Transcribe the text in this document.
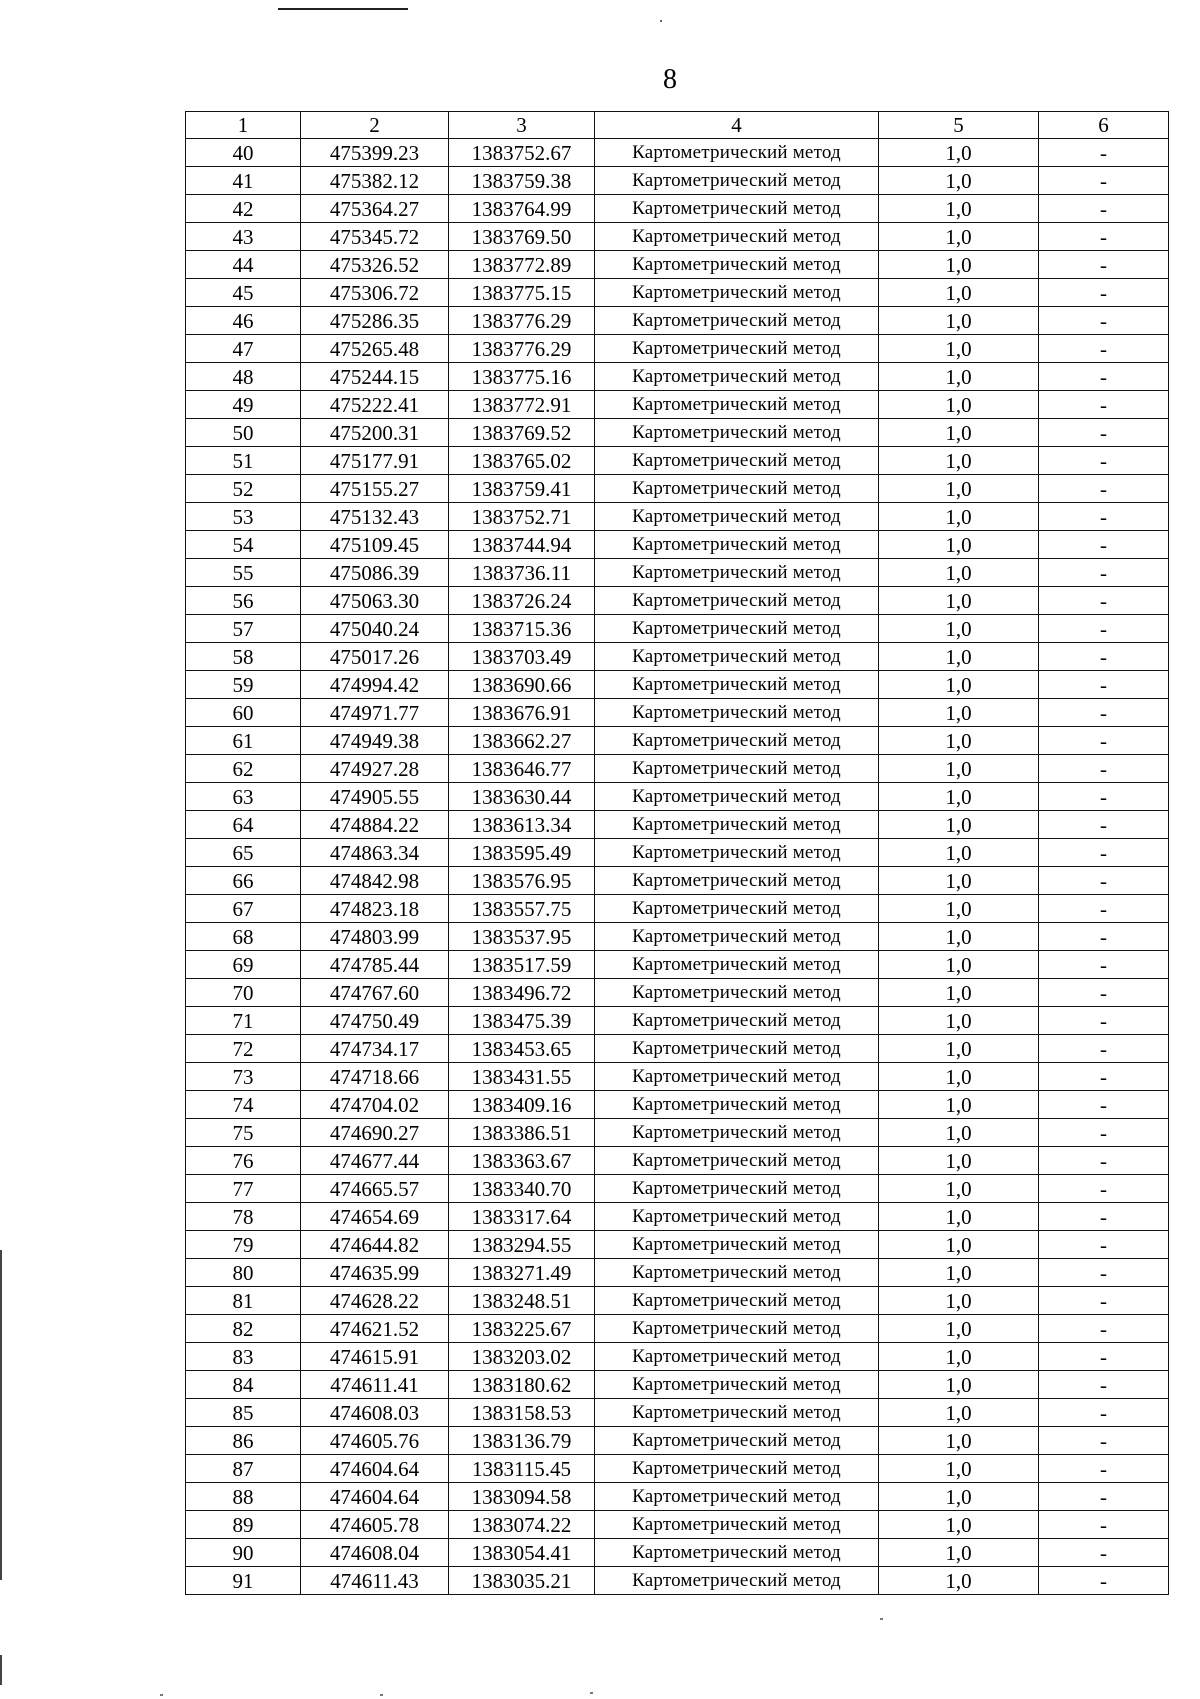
8
1	2	3	4	5	6
40	475399.23	1383752.67	Картометрический метод	1,0	-
41	475382.12	1383759.38	Картометрический метод	1,0	-
42	475364.27	1383764.99	Картометрический метод	1,0	-
43	475345.72	1383769.50	Картометрический метод	1,0	-
44	475326.52	1383772.89	Картометрический метод	1,0	-
45	475306.72	1383775.15	Картометрический метод	1,0	-
46	475286.35	1383776.29	Картометрический метод	1,0	-
47	475265.48	1383776.29	Картометрический метод	1,0	-
48	475244.15	1383775.16	Картометрический метод	1,0	-
49	475222.41	1383772.91	Картометрический метод	1,0	-
50	475200.31	1383769.52	Картометрический метод	1,0	-
51	475177.91	1383765.02	Картометрический метод	1,0	-
52	475155.27	1383759.41	Картометрический метод	1,0	-
53	475132.43	1383752.71	Картометрический метод	1,0	-
54	475109.45	1383744.94	Картометрический метод	1,0	-
55	475086.39	1383736.11	Картометрический метод	1,0	-
56	475063.30	1383726.24	Картометрический метод	1,0	-
57	475040.24	1383715.36	Картометрический метод	1,0	-
58	475017.26	1383703.49	Картометрический метод	1,0	-
59	474994.42	1383690.66	Картометрический метод	1,0	-
60	474971.77	1383676.91	Картометрический метод	1,0	-
61	474949.38	1383662.27	Картометрический метод	1,0	-
62	474927.28	1383646.77	Картометрический метод	1,0	-
63	474905.55	1383630.44	Картометрический метод	1,0	-
64	474884.22	1383613.34	Картометрический метод	1,0	-
65	474863.34	1383595.49	Картометрический метод	1,0	-
66	474842.98	1383576.95	Картометрический метод	1,0	-
67	474823.18	1383557.75	Картометрический метод	1,0	-
68	474803.99	1383537.95	Картометрический метод	1,0	-
69	474785.44	1383517.59	Картометрический метод	1,0	-
70	474767.60	1383496.72	Картометрический метод	1,0	-
71	474750.49	1383475.39	Картометрический метод	1,0	-
72	474734.17	1383453.65	Картометрический метод	1,0	-
73	474718.66	1383431.55	Картометрический метод	1,0	-
74	474704.02	1383409.16	Картометрический метод	1,0	-
75	474690.27	1383386.51	Картометрический метод	1,0	-
76	474677.44	1383363.67	Картометрический метод	1,0	-
77	474665.57	1383340.70	Картометрический метод	1,0	-
78	474654.69	1383317.64	Картометрический метод	1,0	-
79	474644.82	1383294.55	Картометрический метод	1,0	-
80	474635.99	1383271.49	Картометрический метод	1,0	-
81	474628.22	1383248.51	Картометрический метод	1,0	-
82	474621.52	1383225.67	Картометрический метод	1,0	-
83	474615.91	1383203.02	Картометрический метод	1,0	-
84	474611.41	1383180.62	Картометрический метод	1,0	-
85	474608.03	1383158.53	Картометрический метод	1,0	-
86	474605.76	1383136.79	Картометрический метод	1,0	-
87	474604.64	1383115.45	Картометрический метод	1,0	-
88	474604.64	1383094.58	Картометрический метод	1,0	-
89	474605.78	1383074.22	Картометрический метод	1,0	-
90	474608.04	1383054.41	Картометрический метод	1,0	-
91	474611.43	1383035.21	Картометрический метод	1,0	-
